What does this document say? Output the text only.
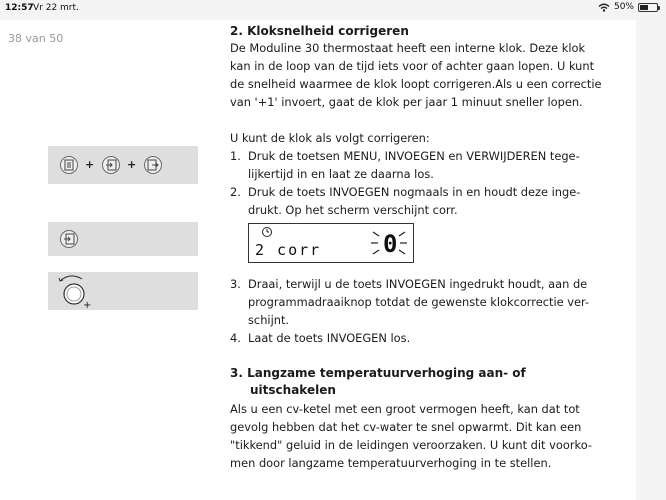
12:57 Vr 22 mrt.	50%
38 van 50
+	+
+
2. Kloksnelheid corrigeren
De Moduline 30 thermostaat heeft een interne klok. Deze klok
kan in de loop van de tijd iets voor of achter gaan lopen. U kunt
de snelheid waarmee de klok loopt corrigeren.Als u een correctie
van '+1' invoert, gaat de klok per jaar 1 minuut sneller lopen.
U kunt de klok als volgt corrigeren:
1. Druk de toetsen MENU, INVOEGEN en VERWIJDEREN tege-
lijkertijd in en laat ze daarna los.
2. Druk de toets INVOEGEN nogmaals in en houdt deze inge-
drukt. Op het scherm verschijnt corr.
2 corr	0
3. Draai, terwijl u de toets INVOEGEN ingedrukt houdt, aan de
programmadraaiknop totdat de gewenste klokcorrectie ver-
schijnt.
4. Laat de toets INVOEGEN los.
3. Langzame temperatuurverhoging aan- of
uitschakelen
Als u een cv-ketel met een groot vermogen heeft, kan dat tot
gevolg hebben dat het cv-water te snel opwarmt. Dit kan een
"tikkend" geluid in de leidingen veroorzaken. U kunt dit voorko-
men door langzame temperatuurverhoging in te stellen.
